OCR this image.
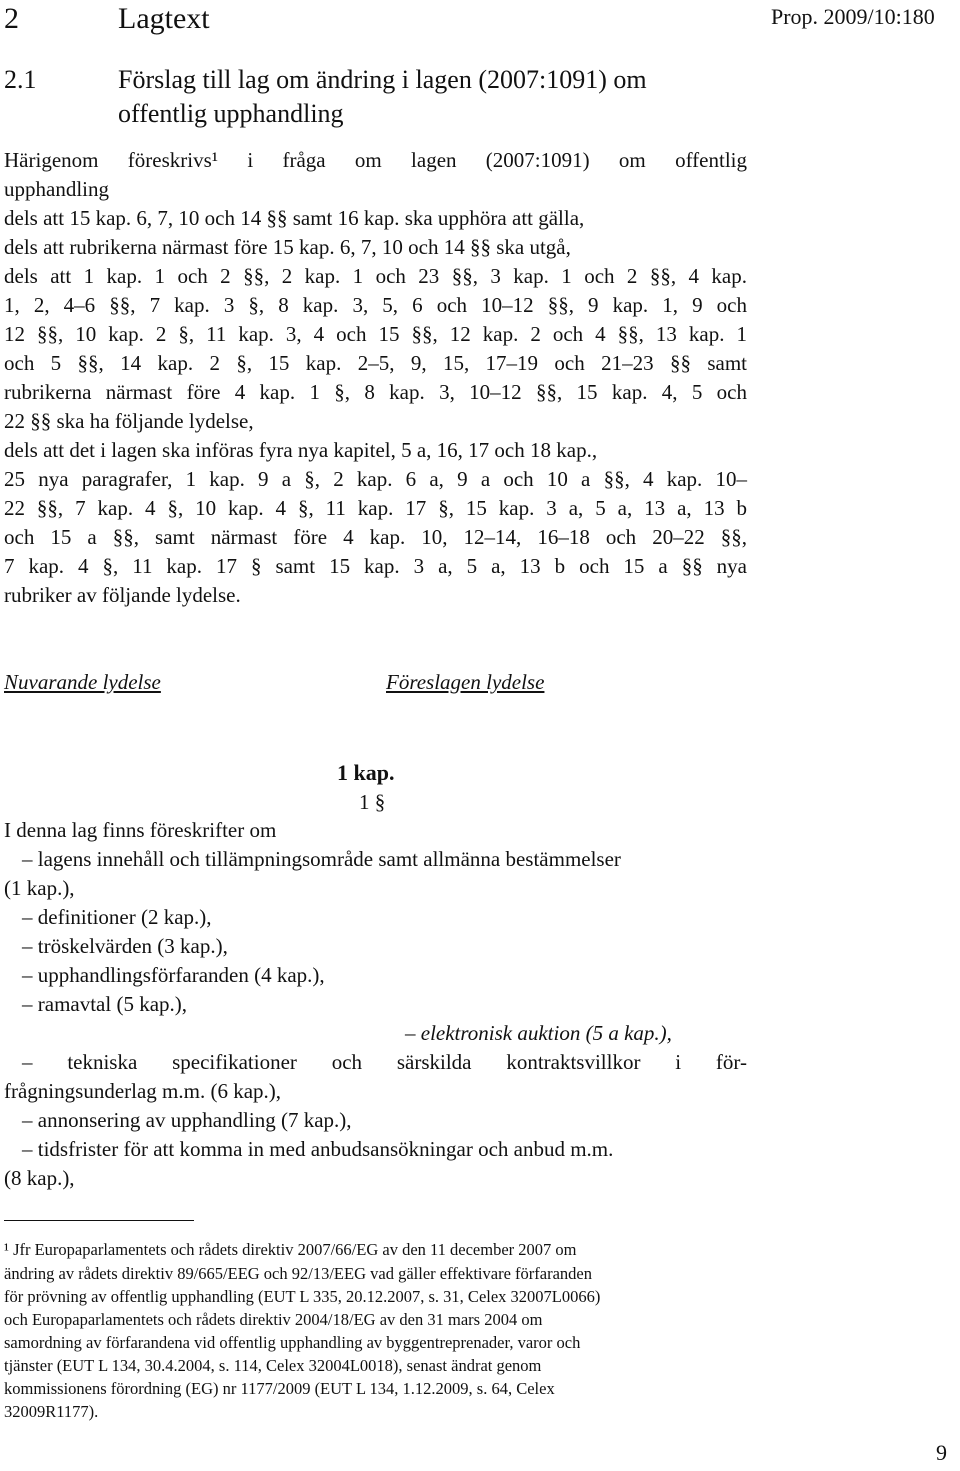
2	Lagtext	Prop. 2009/10:180
2.1	Förslag till lag om ändring i lagen (2007:1091) om
offentlig upphandling
Härigenom föreskrivs¹ i fråga om lagen (2007:1091) om offentlig
upphandling
dels att 15 kap. 6, 7, 10 och 14 §§ samt 16 kap. ska upphöra att gälla,
dels att rubrikerna närmast före 15 kap. 6, 7, 10 och 14 §§ ska utgå,
dels att 1 kap. 1 och 2 §§, 2 kap. 1 och 23 §§, 3 kap. 1 och 2 §§, 4 kap.
1, 2, 4–6 §§, 7 kap. 3 §, 8 kap. 3, 5, 6 och 10–12 §§, 9 kap. 1, 9 och
12 §§, 10 kap. 2 §, 11 kap. 3, 4 och 15 §§, 12 kap. 2 och 4 §§, 13 kap. 1
och 5 §§, 14 kap. 2 §, 15 kap. 2–5, 9, 15, 17–19 och 21–23 §§ samt
rubrikerna närmast före 4 kap. 1 §, 8 kap. 3, 10–12 §§, 15 kap. 4, 5 och
22 §§ ska ha följande lydelse,
dels att det i lagen ska införas fyra nya kapitel, 5 a, 16, 17 och 18 kap.,
25 nya paragrafer, 1 kap. 9 a §, 2 kap. 6 a, 9 a och 10 a §§, 4 kap. 10–
22 §§, 7 kap. 4 §, 10 kap. 4 §, 11 kap. 17 §, 15 kap. 3 a, 5 a, 13 a, 13 b
och 15 a §§, samt närmast före 4 kap. 10, 12–14, 16–18 och 20–22 §§,
7 kap. 4 §, 11 kap. 17 § samt 15 kap. 3 a, 5 a, 13 b och 15 a §§ nya
rubriker av följande lydelse.
Nuvarande lydelse	Föreslagen lydelse
1 kap.
1 §
I denna lag finns föreskrifter om
– lagens innehåll och tillämpningsområde samt allmänna bestämmelser
(1 kap.),
– definitioner (2 kap.),
– tröskelvärden (3 kap.),
– upphandlingsförfaranden (4 kap.),
– ramavtal (5 kap.),
– elektronisk auktion (5 a kap.),
– tekniska specifikationer och särskilda kontraktsvillkor i för-
frågningsunderlag m.m. (6 kap.),
– annonsering av upphandling (7 kap.),
– tidsfrister för att komma in med anbudsansökningar och anbud m.m.
(8 kap.),
¹ Jfr Europaparlamentets och rådets direktiv 2007/66/EG av den 11 december 2007 om
ändring av rådets direktiv 89/665/EEG och 92/13/EEG vad gäller effektivare förfaranden
för prövning av offentlig upphandling (EUT L 335, 20.12.2007, s. 31, Celex 32007L0066)
och Europaparlamentets och rådets direktiv 2004/18/EG av den 31 mars 2004 om
samordning av förfarandena vid offentlig upphandling av byggentreprenader, varor och
tjänster (EUT L 134, 30.4.2004, s. 114, Celex 32004L0018), senast ändrat genom
kommissionens förordning (EG) nr 1177/2009 (EUT L 134, 1.12.2009, s. 64, Celex
32009R1177).
9
